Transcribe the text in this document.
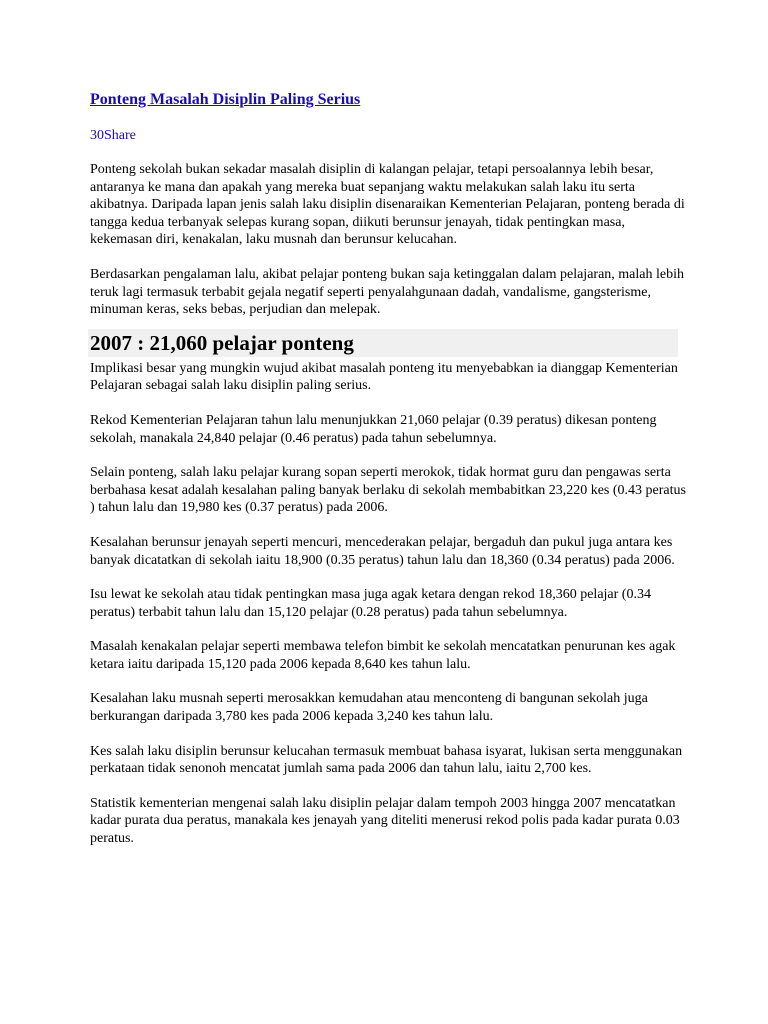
Ponteng Masalah Disiplin Paling Serius
30Share

Ponteng sekolah bukan sekadar masalah disiplin di kalangan pelajar, tetapi persoalannya lebih besar, antaranya ke mana dan apakah yang mereka buat sepanjang waktu melakukan salah laku itu serta akibatnya. Daripada lapan jenis salah laku disiplin disenaraikan Kementerian Pelajaran, ponteng berada di tangga kedua terbanyak selepas kurang sopan, diikuti berunsur jenayah, tidak pentingkan masa, kekemasan diri, kenakalan, laku musnah dan berunsur kelucahan.

Berdasarkan pengalaman lalu, akibat pelajar ponteng bukan saja ketinggalan dalam pelajaran, malah lebih teruk lagi termasuk terbabit gejala negatif seperti penyalahgunaan dadah, vandalisme, gangsterisme, minuman keras, seks bebas, perjudian dan melepak.

2007 : 21,060 pelajar ponteng

Implikasi besar yang mungkin wujud akibat masalah ponteng itu menyebabkan ia dianggap Kementerian Pelajaran sebagai salah laku disiplin paling serius.

Rekod Kementerian Pelajaran tahun lalu menunjukkan 21,060 pelajar (0.39 peratus) dikesan ponteng sekolah, manakala 24,840 pelajar (0.46 peratus) pada tahun sebelumnya.

Selain ponteng, salah laku pelajar kurang sopan seperti merokok, tidak hormat guru dan pengawas serta berbahasa kesat adalah kesalahan paling banyak berlaku di sekolah membabitkan 23,220 kes (0.43 peratus ) tahun lalu dan 19,980 kes (0.37 peratus) pada 2006.

Kesalahan berunsur jenayah seperti mencuri, mencederakan pelajar, bergaduh dan pukul juga antara kes banyak dicatatkan di sekolah iaitu 18,900 (0.35 peratus) tahun lalu dan 18,360 (0.34 peratus) pada 2006.

Isu lewat ke sekolah atau tidak pentingkan masa juga agak ketara dengan rekod 18,360 pelajar (0.34 peratus) terbabit tahun lalu dan 15,120 pelajar (0.28 peratus) pada tahun sebelumnya.

Masalah kenakalan pelajar seperti membawa telefon bimbit ke sekolah mencatatkan penurunan kes agak ketara iaitu daripada 15,120 pada 2006 kepada 8,640 kes tahun lalu.

Kesalahan laku musnah seperti merosakkan kemudahan atau menconteng di bangunan sekolah juga berkurangan daripada 3,780 kes pada 2006 kepada 3,240 kes tahun lalu.

Kes salah laku disiplin berunsur kelucahan termasuk membuat bahasa isyarat, lukisan serta menggunakan perkataan tidak senonoh mencatat jumlah sama pada 2006 dan tahun lalu, iaitu 2,700 kes.

Statistik kementerian mengenai salah laku disiplin pelajar dalam tempoh 2003 hingga 2007 mencatatkan kadar purata dua peratus, manakala kes jenayah yang diteliti menerusi rekod polis pada kadar purata 0.03 peratus.
